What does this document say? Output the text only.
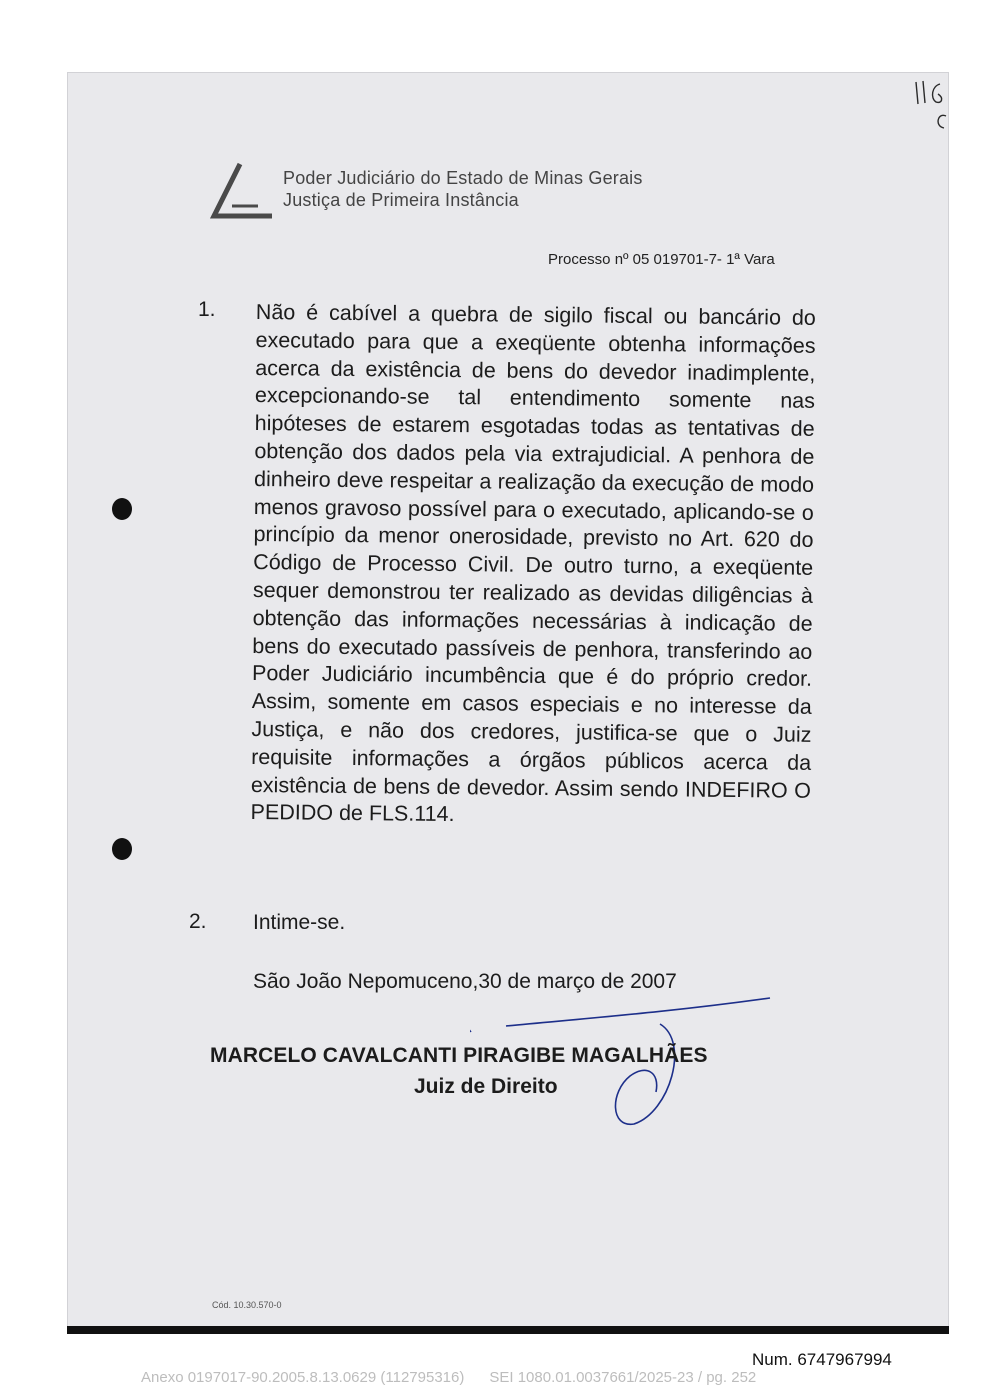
Poder Judiciário do Estado de Minas Gerais
Justiça de Primeira Instância
Processo nº 05 019701-7- 1ª Vara
1. Não é cabível a quebra de sigilo fiscal ou bancário do executado para que a exeqüente obtenha informações acerca da existência de bens do devedor inadimplente, excepcionando-se tal entendimento somente nas hipóteses de estarem esgotadas todas as tentativas de obtenção dos dados pela via extrajudicial. A penhora de dinheiro deve respeitar a realização da execução de modo menos gravoso possível para o executado, aplicando-se o princípio da menor onerosidade, previsto no Art. 620 do Código de Processo Civil. De outro turno, a exeqüente sequer demonstrou ter realizado as devidas diligências à obtenção das informações necessárias à indicação de bens do executado passíveis de penhora, transferindo ao Poder Judiciário incumbência que é do próprio credor. Assim, somente em casos especiais e no interesse da Justiça, e não dos credores, justifica-se que o Juiz requisite informações a órgãos públicos acerca da existência de bens de devedor. Assim sendo INDEFIRO O PEDIDO de FLS.114.
2. Intime-se.
São João Nepomuceno,30 de março de 2007
MARCELO CAVALCANTI PIRAGIBE MAGALHÃES
Juiz de Direito
Cód. 10.30.570-0
Num. 6747967994
Anexo 0197017-90.2005.8.13.0629 (112795316) SEI 1080.01.0037661/2025-23 / pg. 252
